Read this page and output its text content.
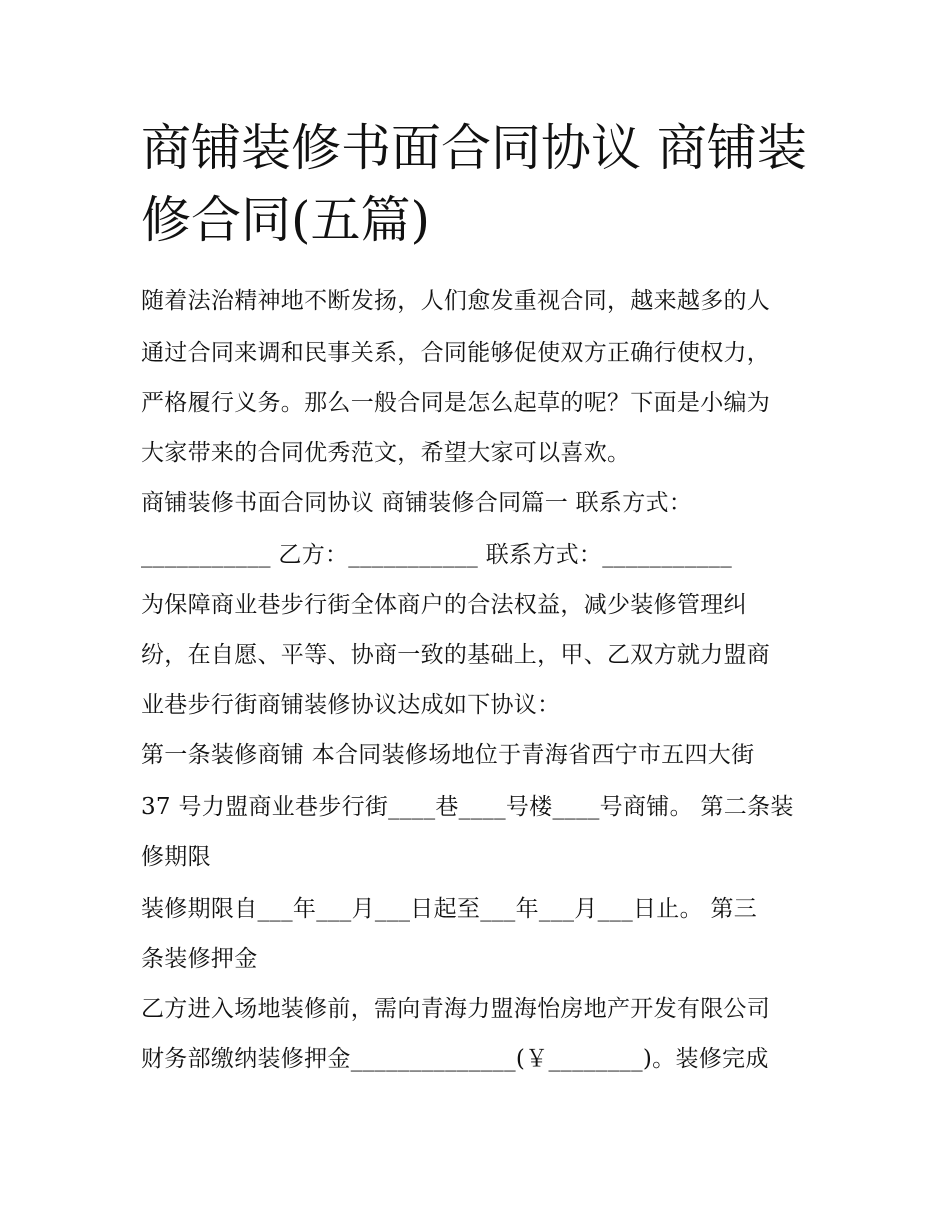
商铺装修书面合同协议 商铺装
修合同(五篇)

随着法治精神地不断发扬，人们愈发重视合同，越来越多的人

通过合同来调和民事关系，合同能够促使双方正确行使权力，

严格履行义务。那么一般合同是怎么起草的呢？下面是小编为

大家带来的合同优秀范文，希望大家可以喜欢。

商铺装修书面合同协议 商铺装修合同篇一 联系方式：

___________ 乙方：___________ 联系方式：___________

为保障商业巷步行街全体商户的合法权益，减少装修管理纠

纷，在自愿、平等、协商一致的基础上，甲、乙双方就力盟商

业巷步行街商铺装修协议达成如下协议：

第一条装修商铺 本合同装修场地位于青海省西宁市五四大街

37 号力盟商业巷步行街____巷____号楼____号商铺。 第二条装

修期限

装修期限自___年___月___日起至___年___月___日止。 第三

条装修押金

乙方进入场地装修前，需向青海力盟海怡房地产开发有限公司

财务部缴纳装修押金______________(￥________)。装修完成
